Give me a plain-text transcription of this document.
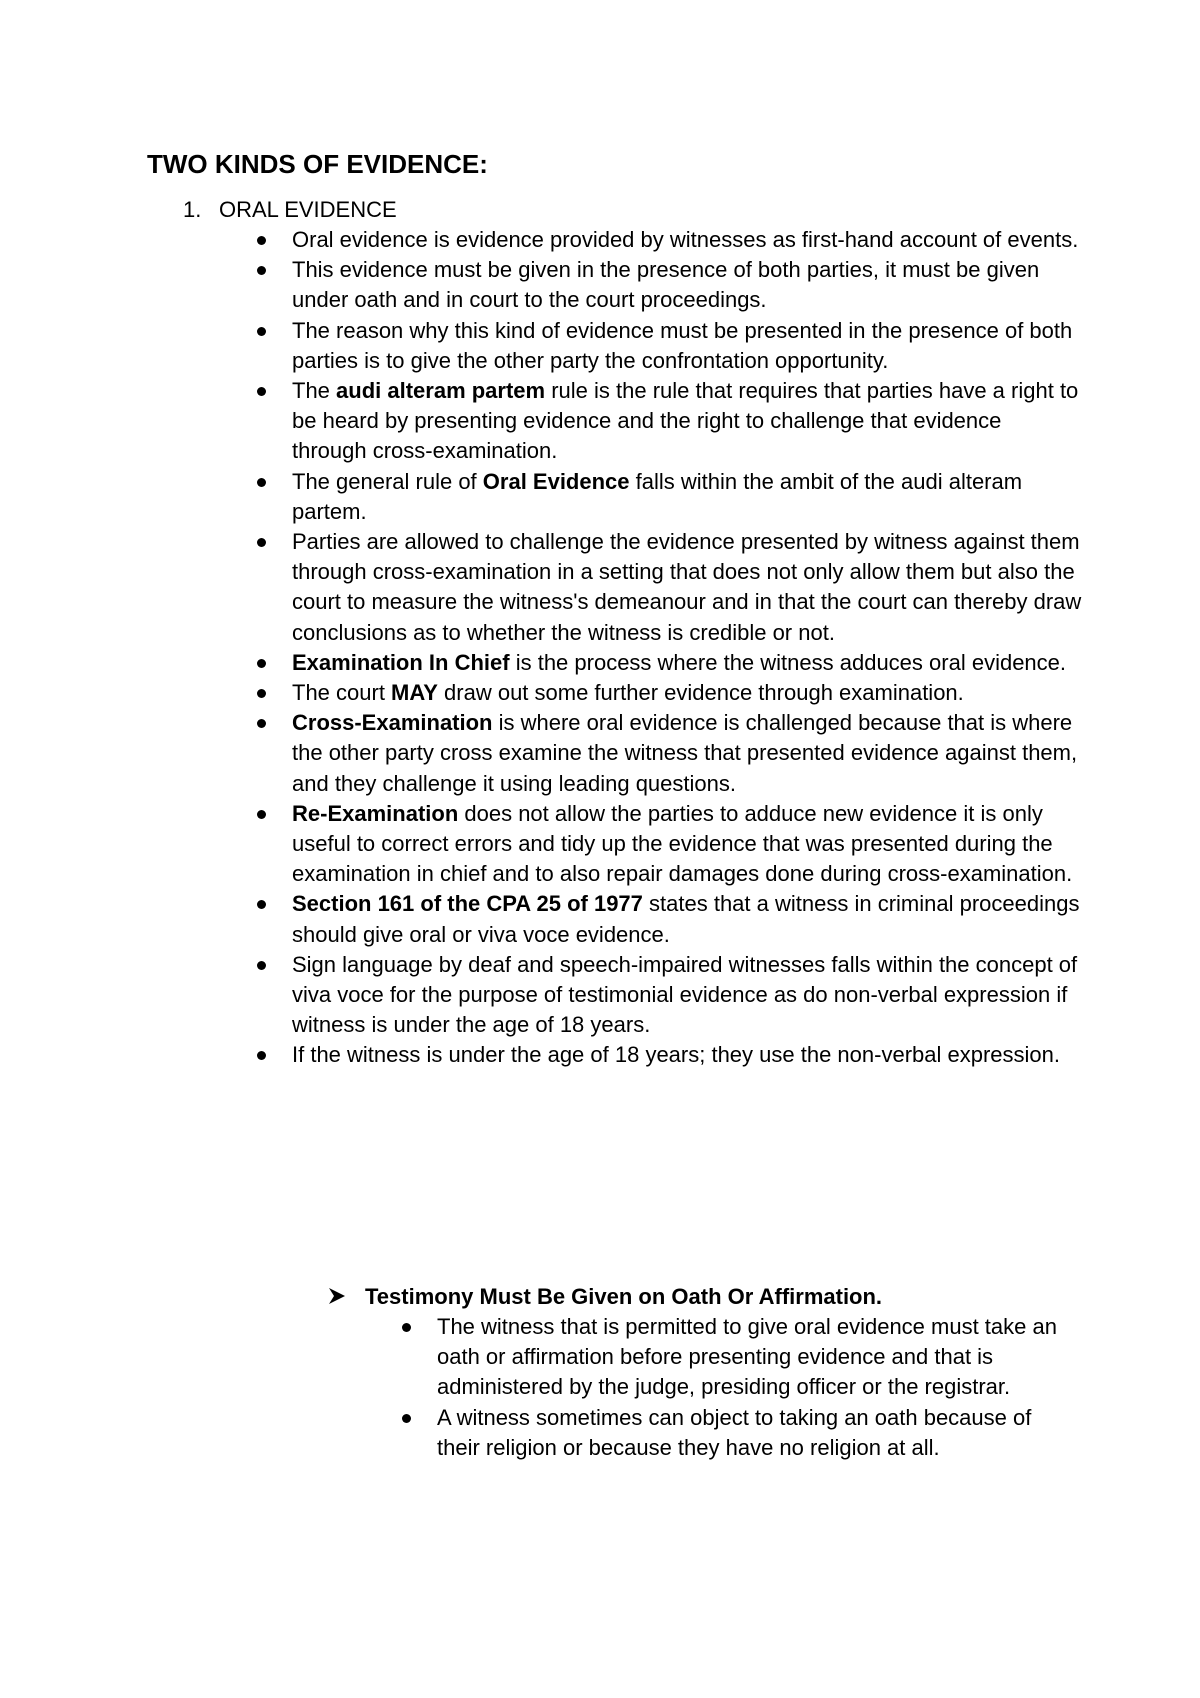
TWO KINDS OF EVIDENCE:
1. ORAL EVIDENCE
Oral evidence is evidence provided by witnesses as first-hand account of events.
This evidence must be given in the presence of both parties, it must be given under oath and in court to the court proceedings.
The reason why this kind of evidence must be presented in the presence of both parties is to give the other party the confrontation opportunity.
The audi alteram partem rule is the rule that requires that parties have a right to be heard by presenting evidence and the right to challenge that evidence through cross-examination.
The general rule of Oral Evidence falls within the ambit of the audi alteram partem.
Parties are allowed to challenge the evidence presented by witness against them through cross-examination in a setting that does not only allow them but also the court to measure the witness's demeanour and in that the court can thereby draw conclusions as to whether the witness is credible or not.
Examination In Chief is the process where the witness adduces oral evidence.
The court MAY draw out some further evidence through examination.
Cross-Examination is where oral evidence is challenged because that is where the other party cross examine the witness that presented evidence against them, and they challenge it using leading questions.
Re-Examination does not allow the parties to adduce new evidence it is only useful to correct errors and tidy up the evidence that was presented during the examination in chief and to also repair damages done during cross-examination.
Section 161 of the CPA 25 of 1977 states that a witness in criminal proceedings should give oral or viva voce evidence.
Sign language by deaf and speech-impaired witnesses falls within the concept of viva voce for the purpose of testimonial evidence as do non-verbal expression if witness is under the age of 18 years.
If the witness is under the age of 18 years; they use the non-verbal expression.
Testimony Must Be Given on Oath Or Affirmation.
The witness that is permitted to give oral evidence must take an oath or affirmation before presenting evidence and that is administered by the judge, presiding officer or the registrar.
A witness sometimes can object to taking an oath because of their religion or because they have no religion at all.
